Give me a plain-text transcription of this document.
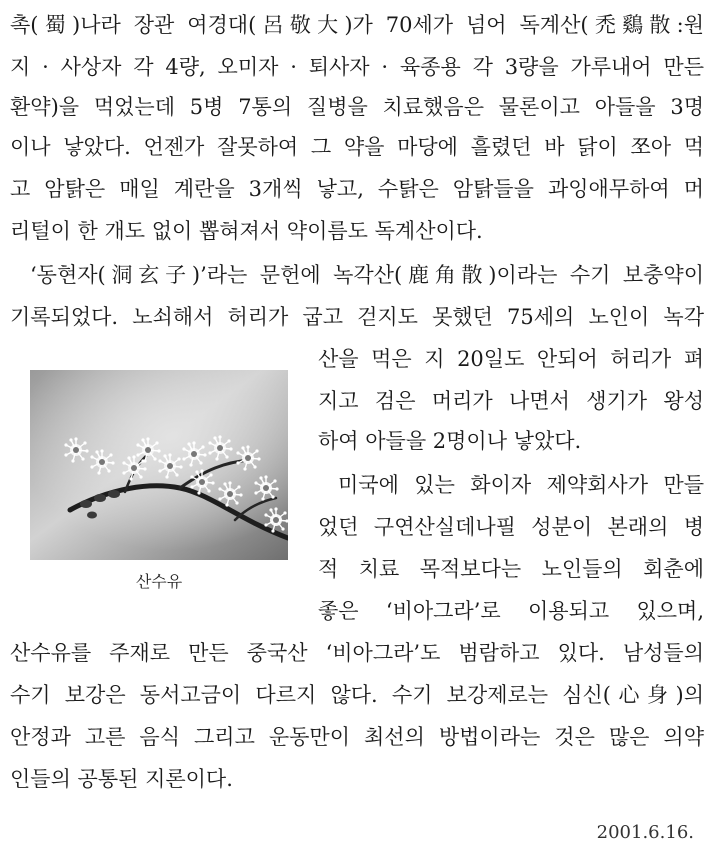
촉(蜀)나라 장관 여경대(呂敬大)가 70세가 넘어 독계산(禿鷄散:원
지 · 사상자 각 4량, 오미자 · 퇴사자 · 육종용 각 3량을 가루내어 만든
환약)을 먹었는데 5병 7통의 질병을 치료했음은 물론이고 아들을 3명
이나 낳았다. 언젠가 잘못하여 그 약을 마당에 흘렸던 바 닭이 쪼아 먹
고 암탉은 매일 계란을 3개씩 낳고, 수탉은 암탉들을 과잉애무하여 머
리털이 한 개도 없이 뽑혀져서 약이름도 독계산이다.
‘동현자(洞玄子)’라는 문헌에 녹각산(鹿角散)이라는 수기 보충약이
기록되었다. 노쇠해서 허리가 굽고 걷지도 못했던 75세의 노인이 녹각
산을 먹은 지 20일도 안되어 허리가 펴
지고 검은 머리가 나면서 생기가 왕성
하여 아들을 2명이나 낳았다.
미국에 있는 화이자 제약회사가 만들
었던 구연산실데나필 성분이 본래의 병
적 치료 목적보다는 노인들의 회춘에
좋은 ‘비아그라’로 이용되고 있으며,
산수유를 주재로 만든 중국산 ‘비아그라’도 범람하고 있다. 남성들의
수기 보강은 동서고금이 다르지 않다. 수기 보강제로는 심신(心身)의
안정과 고른 음식 그리고 운동만이 최선의 방법이라는 것은 많은 의약
인들의 공통된 지론이다.
산수유
2001.6.16.
